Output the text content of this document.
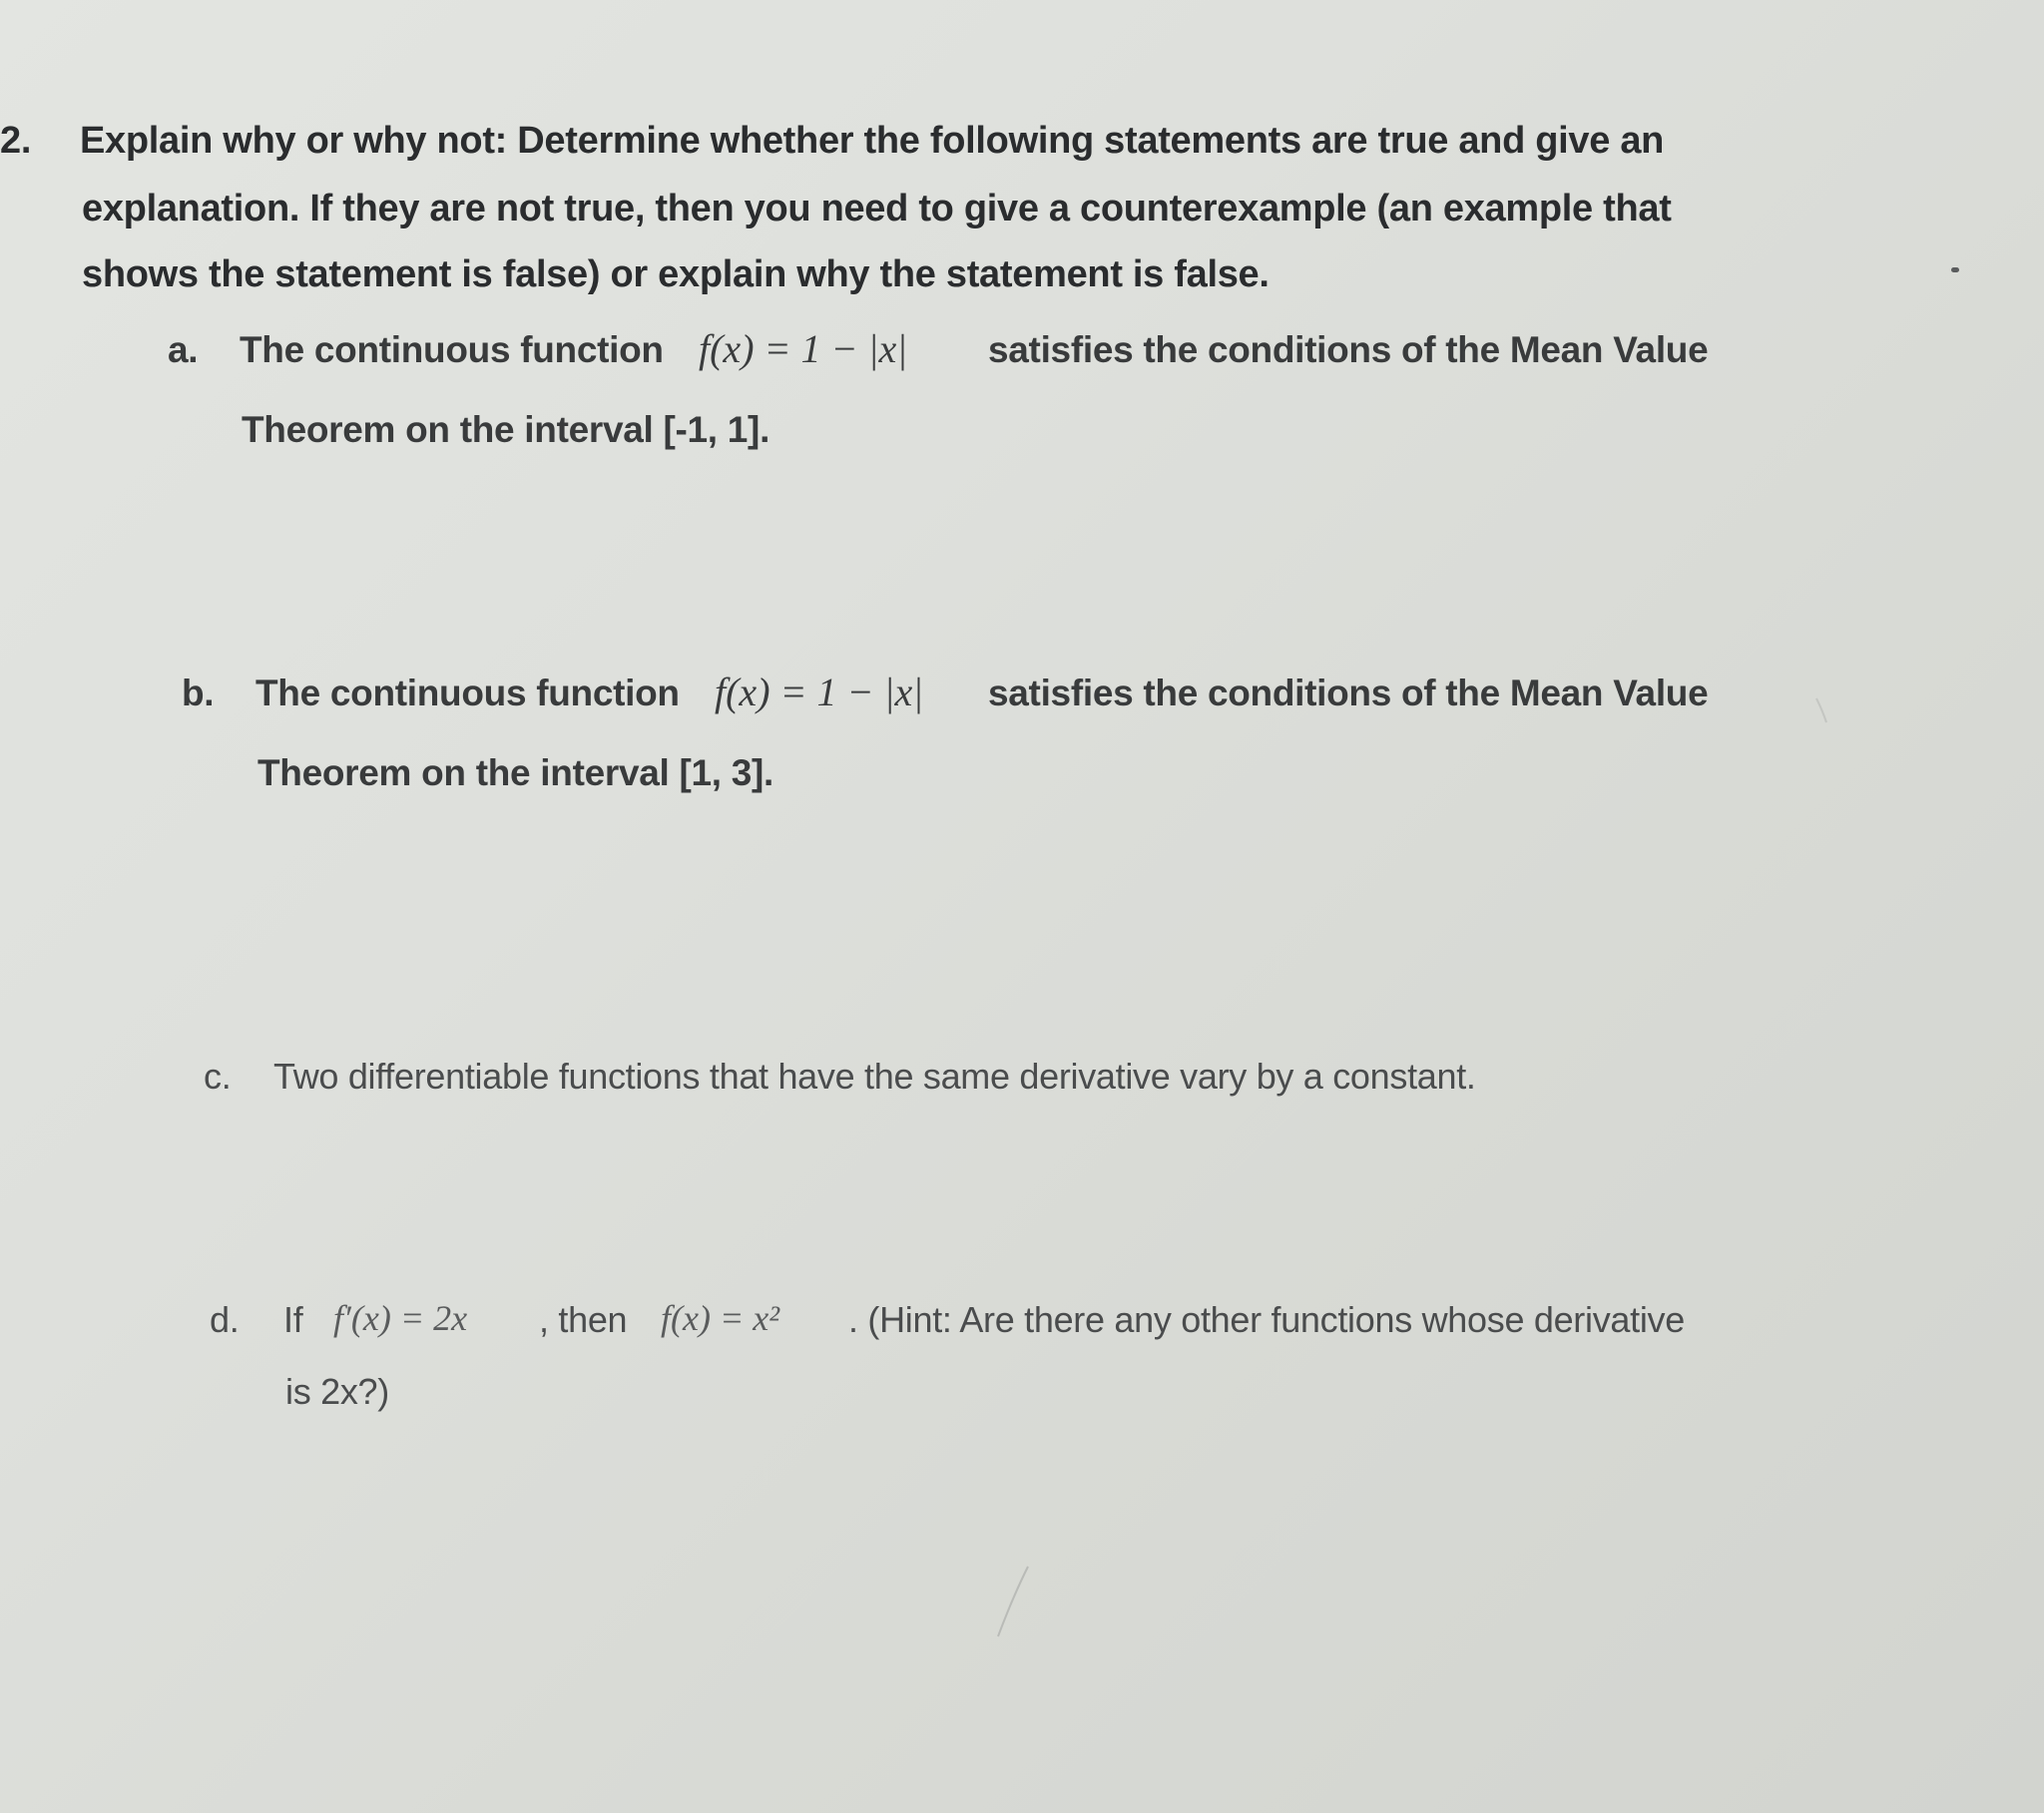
2. Explain why or why not: Determine whether the following statements are true and give an
explanation. If they are not true, then you need to give a counterexample (an example that
shows the statement is false) or explain why the statement is false.
a. The continuous function f(x) = 1 − |x| satisfies the conditions of the Mean Value
Theorem on the interval [-1, 1].
b. The continuous function f(x) = 1 − |x| satisfies the conditions of the Mean Value
Theorem on the interval [1, 3].
c. Two differentiable functions that have the same derivative vary by a constant.
d. If f′(x) = 2x , then f(x) = x² . (Hint: Are there any other functions whose derivative
is 2x?)
